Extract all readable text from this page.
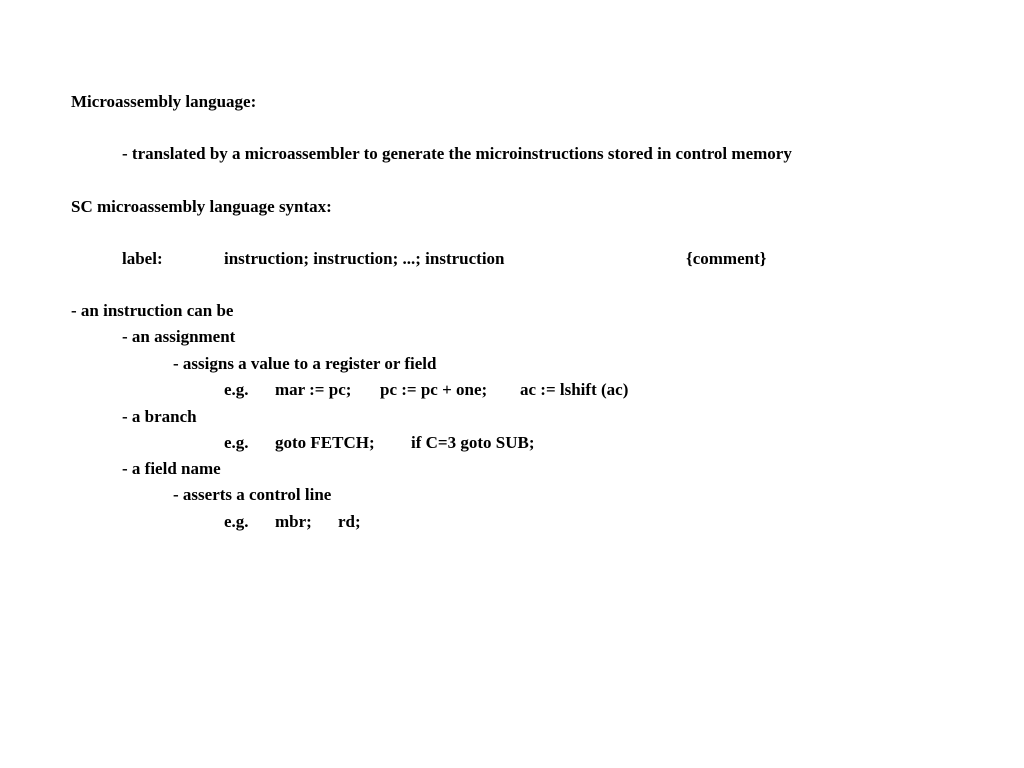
Microassembly language:
- translated by a microassembler to generate the microinstructions stored in control memory
SC microassembly language syntax:
label:	instruction; instruction; ...; instruction	{comment}
- an instruction can be
- an assignment
- assigns a value to a register or field
e.g. mar := pc; pc := pc + one; ac := lshift (ac)
- a branch
e.g. goto FETCH; if C=3 goto SUB;
- a field name
- asserts a control line
e.g. mbr; rd;
